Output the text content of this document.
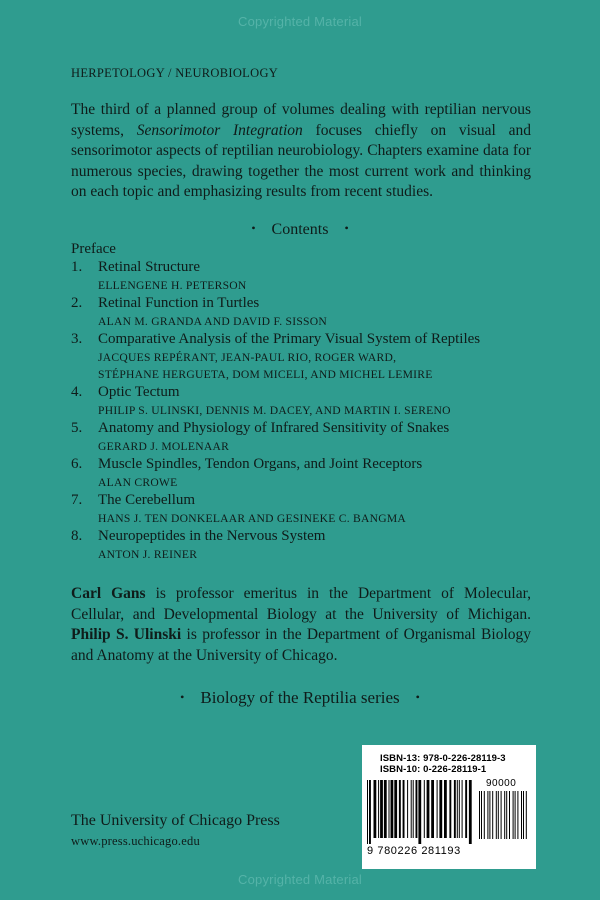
Copyrighted Material
HERPETOLOGY / NEUROBIOLOGY

The third of a planned group of volumes dealing with reptilian nervous systems, Sensorimotor Integration focuses chiefly on visual and sensorimotor aspects of reptilian neurobiology. Chapters examine data for numerous species, drawing together the most current work and thinking on each topic and emphasizing results from recent studies.

• Contents •
Preface
1. Retinal Structure
ELLENGENE H. PETERSON
2. Retinal Function in Turtles
ALAN M. GRANDA AND DAVID F. SISSON
3. Comparative Analysis of the Primary Visual System of Reptiles
JACQUES REPÉRANT, JEAN-PAUL RIO, ROGER WARD,
STÉPHANE HERGUETA, DOM MICELI, AND MICHEL LEMIRE
4. Optic Tectum
PHILIP S. ULINSKI, DENNIS M. DACEY, AND MARTIN I. SERENO
5. Anatomy and Physiology of Infrared Sensitivity of Snakes
GERARD J. MOLENAAR
6. Muscle Spindles, Tendon Organs, and Joint Receptors
ALAN CROWE
7. The Cerebellum
HANS J. TEN DONKELAAR AND GESINEKE C. BANGMA
8. Neuropeptides in the Nervous System
ANTON J. REINER

Carl Gans is professor emeritus in the Department of Molecular, Cellular, and Developmental Biology at the University of Michigan. Philip S. Ulinski is professor in the Department of Organismal Biology and Anatomy at the University of Chicago.

• Biology of the Reptilia series •
ISBN-13: 978-0-226-28119-3
ISBN-10: 0-226-28119-1
90000
9 780226 281193
The University of Chicago Press
www.press.uchicago.edu
Copyrighted Material
